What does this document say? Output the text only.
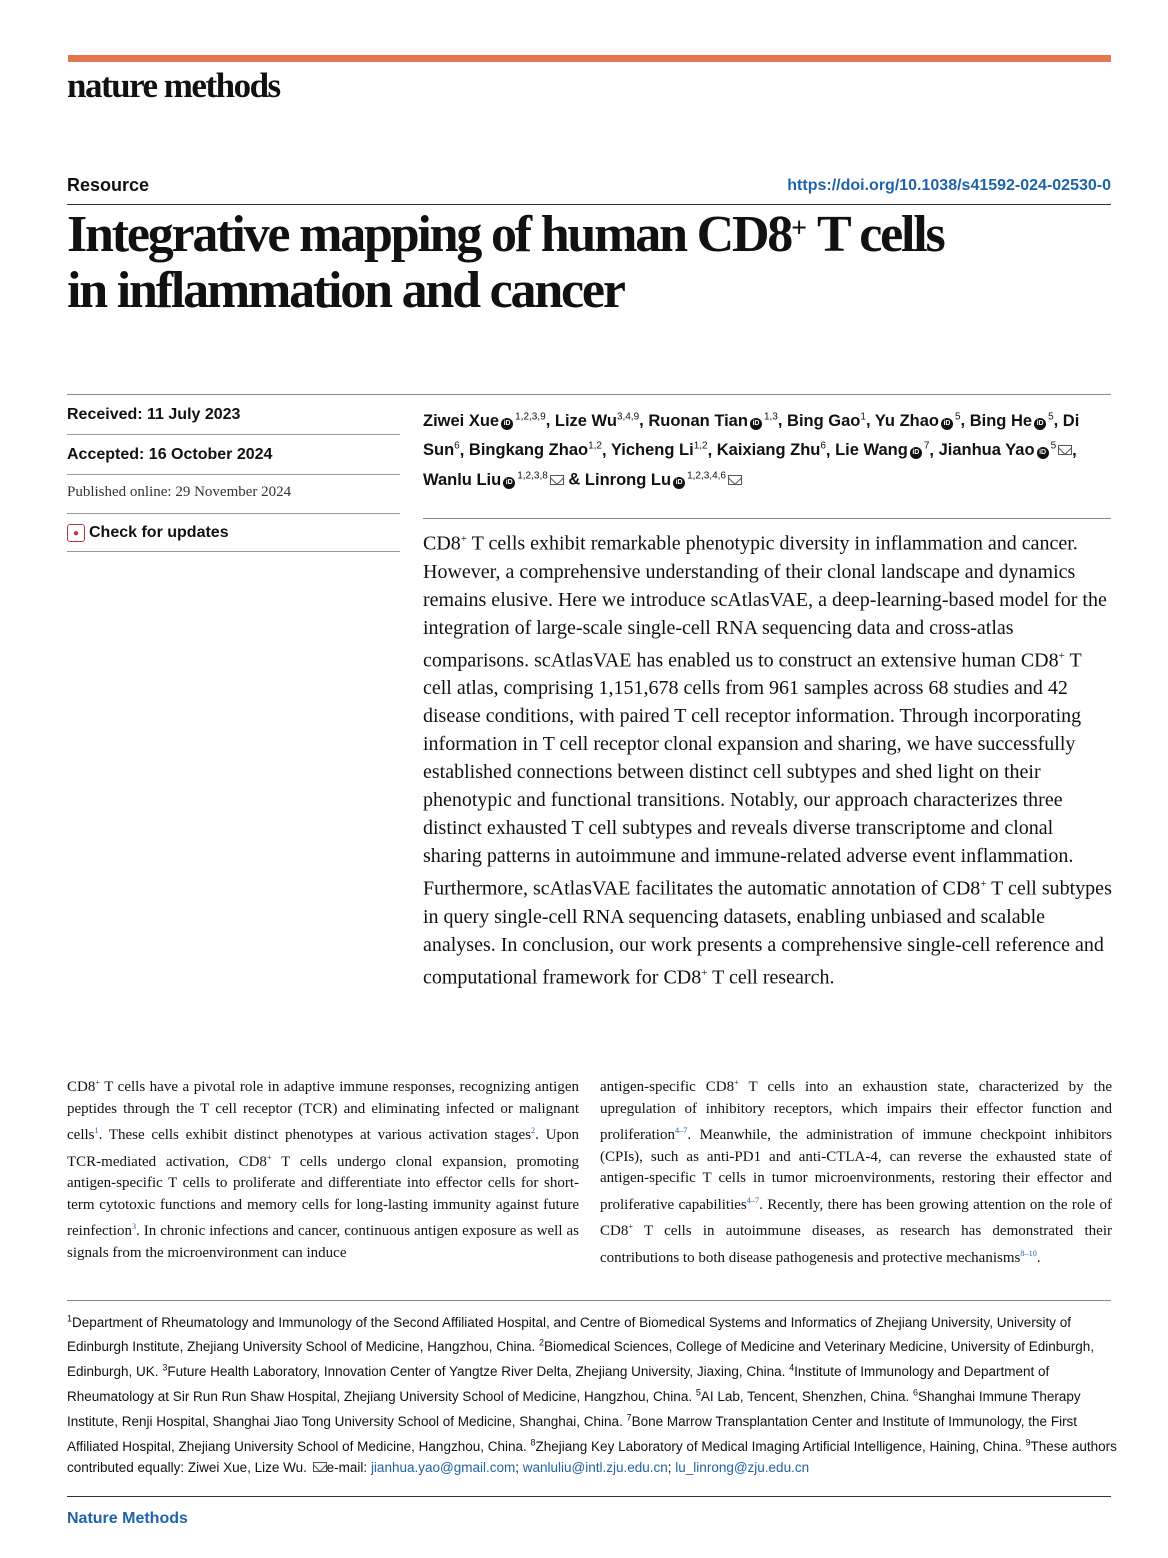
nature methods
Resource	https://doi.org/10.1038/s41592-024-02530-0
Integrative mapping of human CD8+ T cells
in inflammation and cancer
Received: 11 July 2023
Accepted: 16 October 2024
Published online: 29 November 2024
● Check for updates
Ziwei Xue iD$^{1,2,3,9}$, Lize Wu$^{3,4,9}$, Ruonan Tian iD$^{1,3}$, Bing Gao$^1$, Yu Zhao $iD^5$, Bing He $iD^5$, Di Sun$^6$, Bingkang Zhao$^{1,2}$, Yicheng Li$^{1,2}$, Kaixiang Zhu$^6$, Lie Wang $iD^7$, Jianhua Yao $iD^5$ , Wanlu Liu iD$^{1,2,3,8}$ & Linrong Lu iD$^{1,2,3,4,6}$

CD8+ T cells exhibit remarkable phenotypic diversity in inflammation and cancer. However, a comprehensive understanding of their clonal landscape and dynamics remains elusive. Here we introduce scAtlasVAE, a deep-learning-based model for the integration of large-scale single-cell RNA sequencing data and cross-atlas comparisons. scAtlasVAE has enabled us to construct an extensive human CD8+ T cell atlas, comprising 1,151,678 cells from 961 samples across 68 studies and 42 disease conditions, with paired T cell receptor information. Through incorporating information in T cell receptor clonal expansion and sharing, we have successfully established connections between distinct cell subtypes and shed light on their phenotypic and functional transitions. Notably, our approach characterizes three distinct exhausted T cell subtypes and reveals diverse transcriptome and clonal sharing patterns in autoimmune and immune-related adverse event inflammation. Furthermore, scAtlasVAE facilitates the automatic annotation of CD8+ T cell subtypes in query single-cell RNA sequencing datasets, enabling unbiased and scalable analyses. In conclusion, our work presents a comprehensive single-cell reference and computational framework for CD8+ T cell research.

CD8+ T cells have a pivotal role in adaptive immune responses, recognizing antigen peptides through the T cell receptor (TCR) and eliminating infected or malignant cells$^1$. These cells exhibit distinct phenotypes at various activation stages$^2$. Upon TCR-mediated activation, CD8+ T cells undergo clonal expansion, promoting antigen-specific T cells to proliferate and differentiate into effector cells for short-term cytotoxic functions and memory cells for long-lasting immunity against future reinfection$^3$. In chronic infections and cancer, continuous antigen exposure as well as signals from the microenvironment can induce

antigen-specific CD8+ T cells into an exhaustion state, characterized by the upregulation of inhibitory receptors, which impairs their effector function and proliferation$^{4-7}$. Meanwhile, the administration of immune checkpoint inhibitors (CPIs), such as anti-PD1 and anti-CTLA-4, can reverse the exhausted state of antigen-specific T cells in tumor microenvironments, restoring their effector and proliferative capabilities$^{4-7}$. Recently, there has been growing attention on the role of CD8+ T cells in autoimmune diseases, as research has demonstrated their contributions to both disease pathogenesis and protective mechanisms$^{8-10}$.

$^1$Department of Rheumatology and Immunology of the Second Affiliated Hospital, and Centre of Biomedical Systems and Informatics of Zhejiang University, University of Edinburgh Institute, Zhejiang University School of Medicine, Hangzhou, China. $^2$Biomedical Sciences, College of Medicine and Veterinary Medicine, University of Edinburgh, Edinburgh, UK. $^3$Future Health Laboratory, Innovation Center of Yangtze River Delta, Zhejiang University, Jiaxing, China. $^4$Institute of Immunology and Department of Rheumatology at Sir Run Run Shaw Hospital, Zhejiang University School of Medicine, Hangzhou, China. $^5$AI Lab, Tencent, Shenzhen, China. $^6$Shanghai Immune Therapy Institute, Renji Hospital, Shanghai Jiao Tong University School of Medicine, Shanghai, China. $^7$Bone Marrow Transplantation Center and Institute of Immunology, the First Affiliated Hospital, Zhejiang University School of Medicine, Hangzhou, China. $^8$Zhejiang Key Laboratory of Medical Imaging Artificial Intelligence, Haining, China. $^9$These authors contributed equally: Ziwei Xue, Lize Wu. e-mail: jianhua.yao@gmail.com; wanluliu@intl.zju.edu.cn; lu_linrong@zju.edu.cn

Nature Methods
